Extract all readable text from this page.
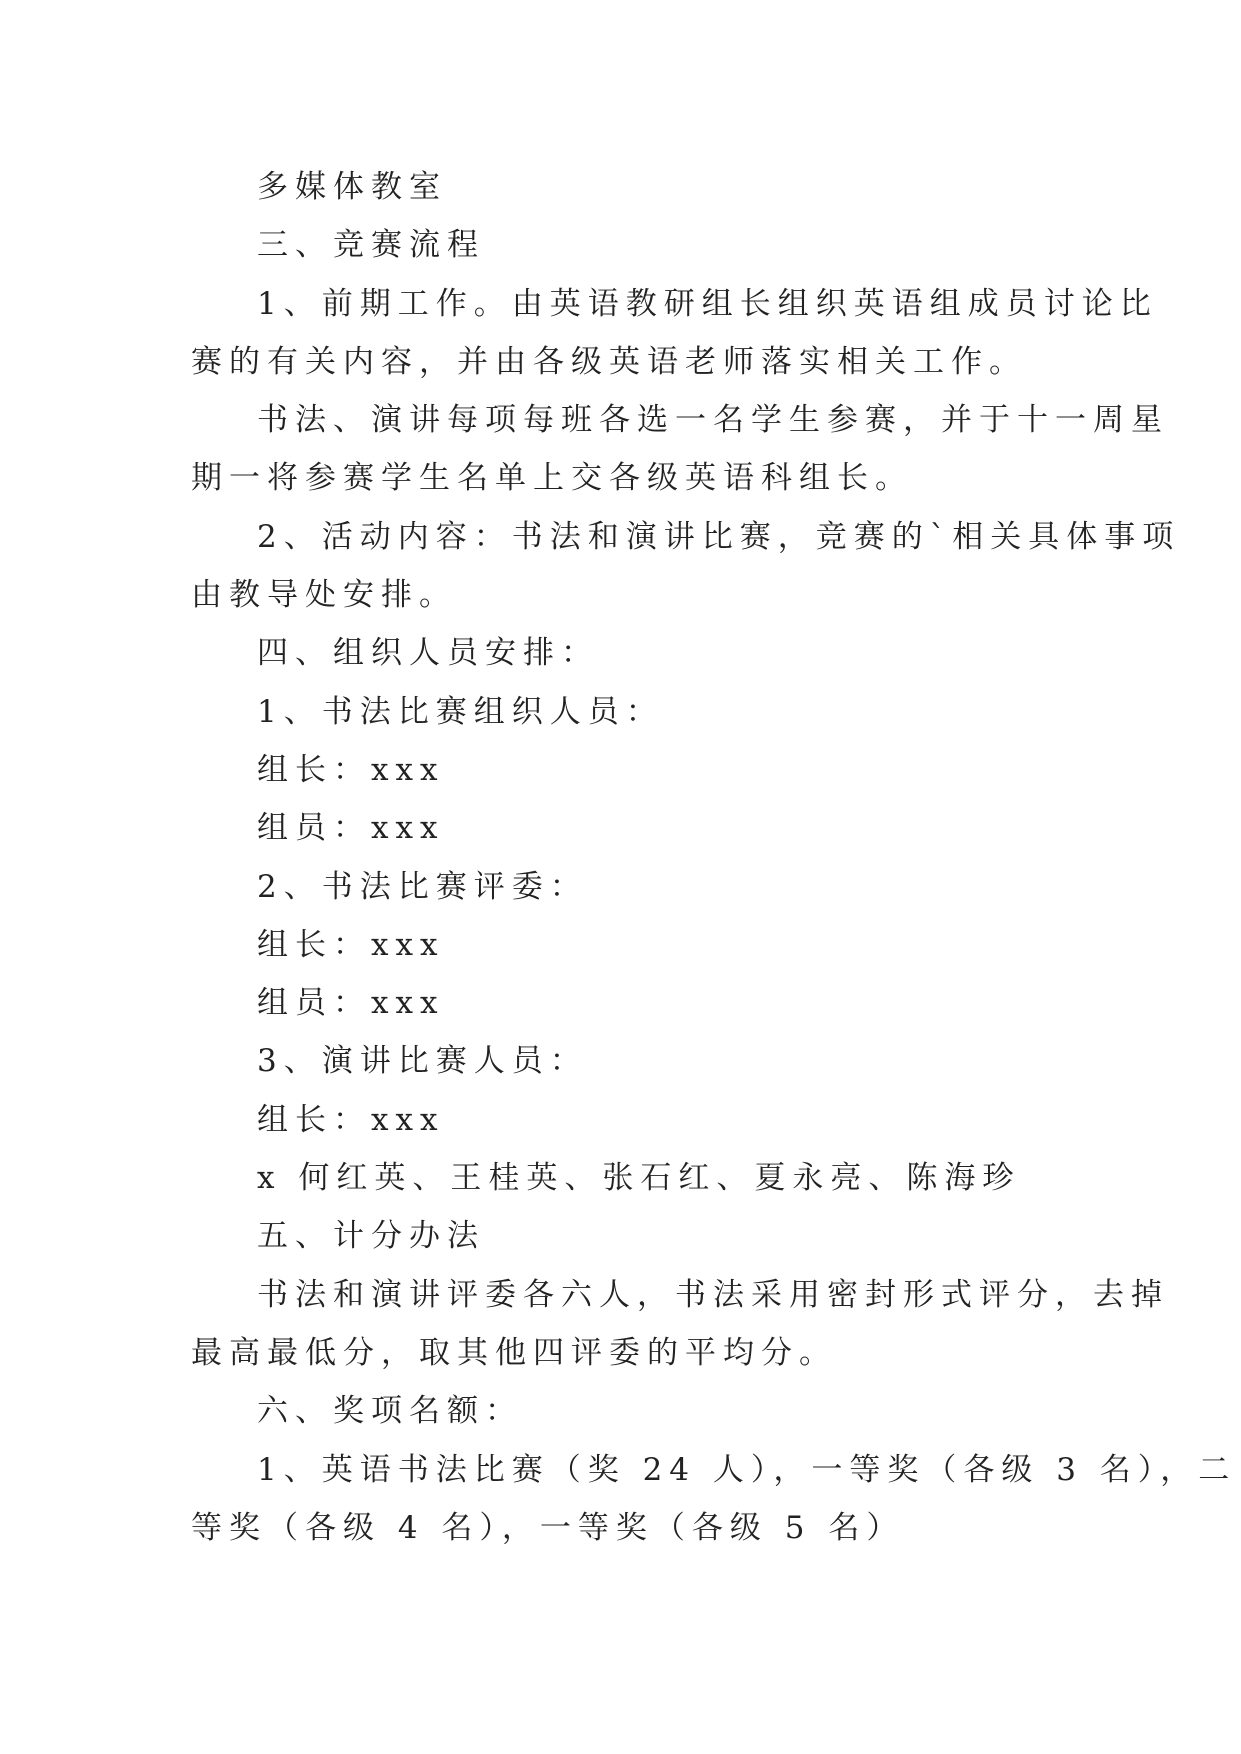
多媒体教室

三、竞赛流程

1、前期工作。由英语教研组长组织英语组成员讨论比

赛的有关内容，并由各级英语老师落实相关工作。

书法、演讲每项每班各选一名学生参赛，并于十一周星

期一将参赛学生名单上交各级英语科组长。

2、活动内容：书法和演讲比赛，竞赛的`相关具体事项

由教导处安排。

四、组织人员安排：

1、书法比赛组织人员：

组长：xxx

组员：xxx

2、书法比赛评委：

组长：xxx

组员：xxx

3、演讲比赛人员：

组长：xxx

x 何红英、王桂英、张石红、夏永亮、陈海珍

五、计分办法

书法和演讲评委各六人，书法采用密封形式评分，去掉

最高最低分，取其他四评委的平均分。

六、奖项名额：

1、英语书法比赛（奖 24 人），一等奖（各级 3 名），二

等奖（各级 4 名），一等奖（各级 5 名）
